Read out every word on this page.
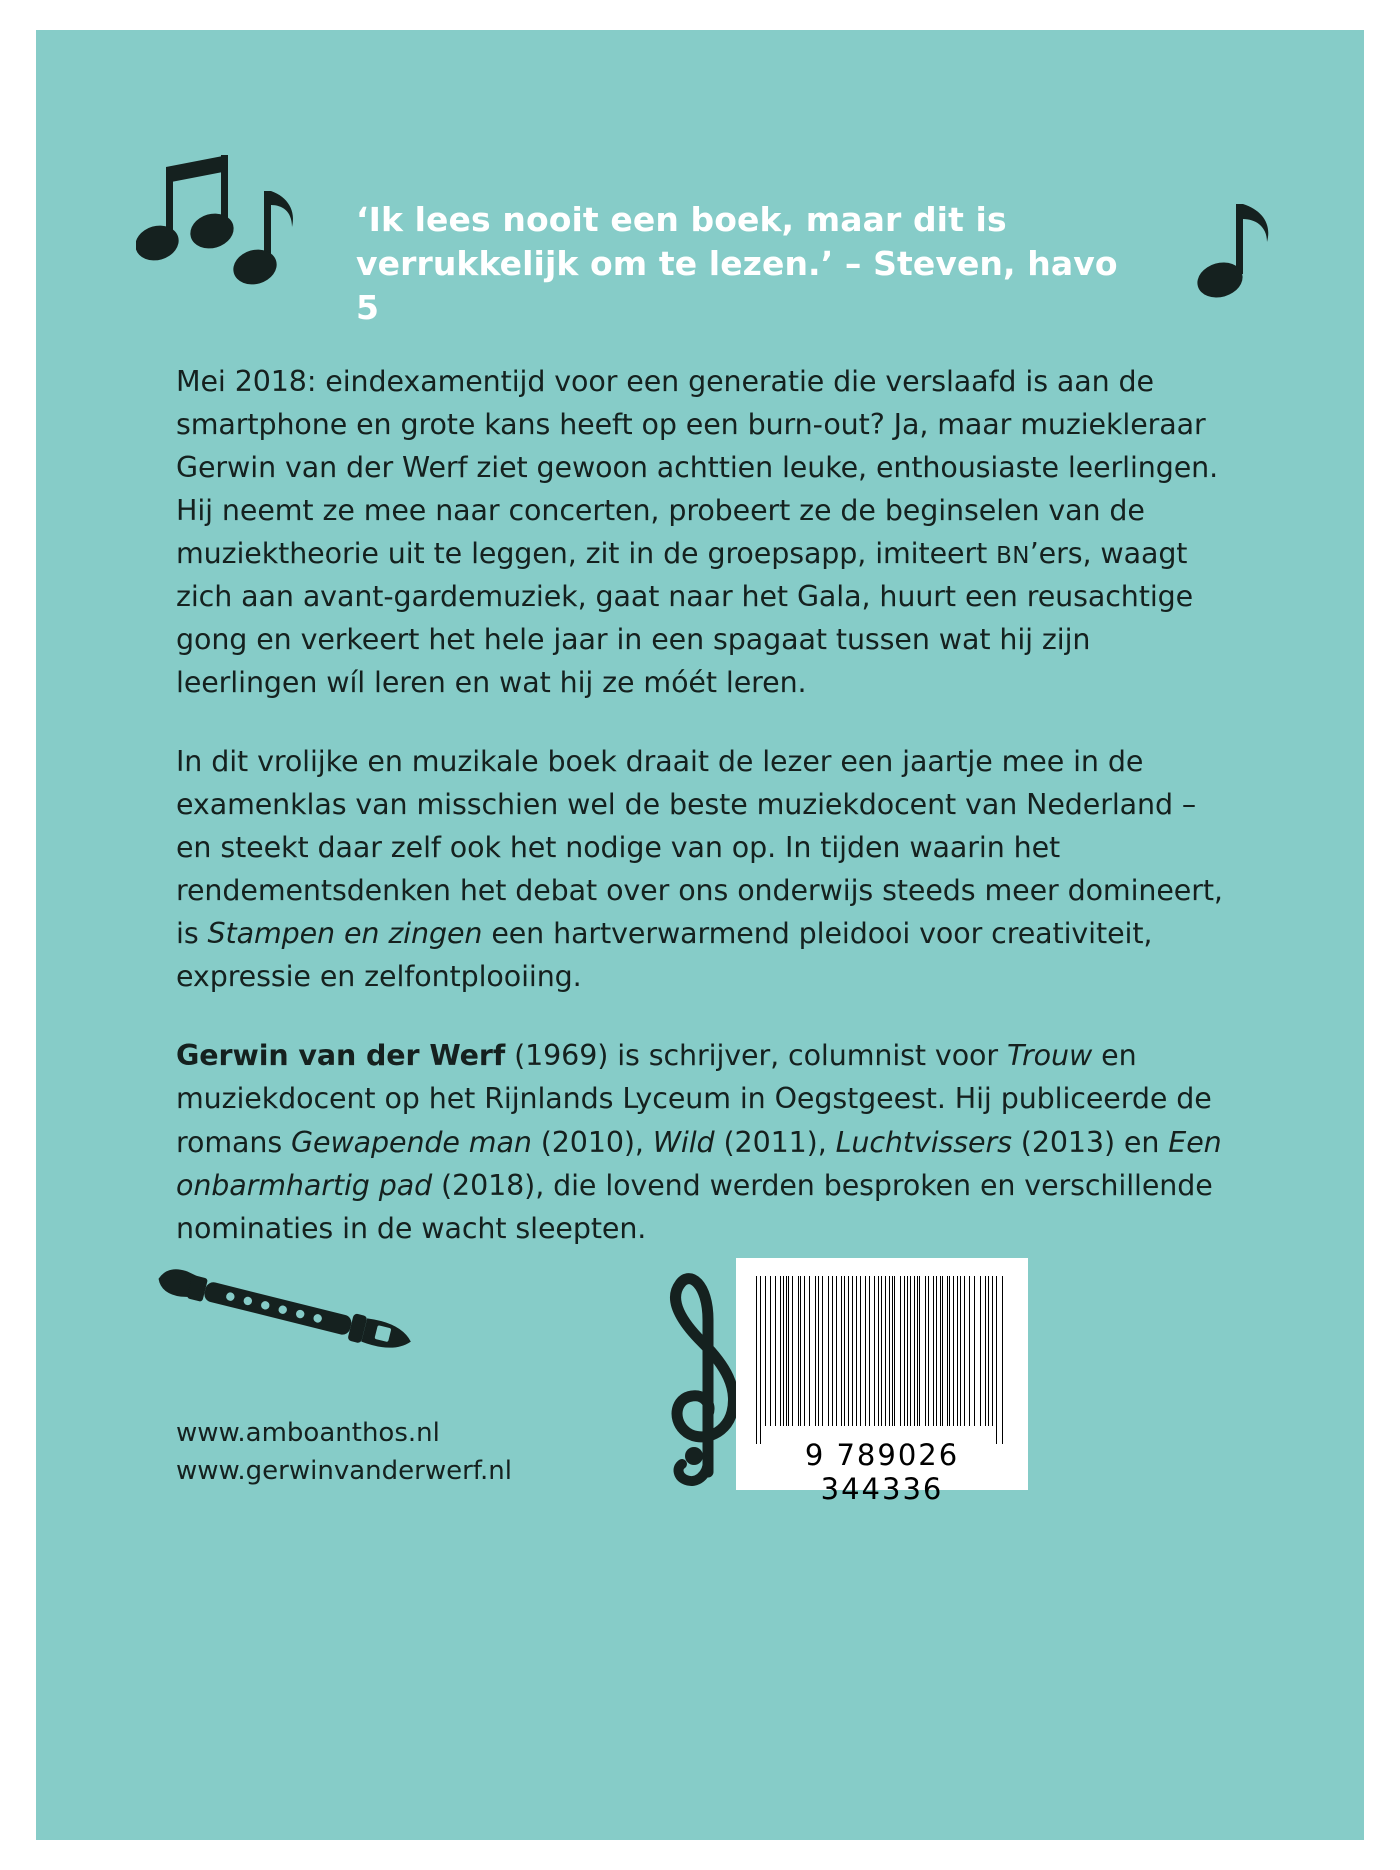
‘Ik lees nooit een boek, maar dit is
verrukkelijk om te lezen.’ – Steven, havo 5

Mei 2018: eindexamentijd voor een generatie die verslaafd is aan de smartphone en grote kans heeft op een burn-out? Ja, maar muziekleraar Gerwin van der Werf ziet gewoon achttien leuke, enthousiaste leerlingen. Hij neemt ze mee naar concerten, probeert ze de beginselen van de muziektheorie uit te leggen, zit in de groepsapp, imiteert BN’ers, waagt zich aan avant-gardemuziek, gaat naar het Gala, huurt een reusachtige gong en verkeert het hele jaar in een spagaat tussen wat hij zijn leerlingen wíl leren en wat hij ze móét leren.

In dit vrolijke en muzikale boek draait de lezer een jaartje mee in de examenklas van misschien wel de beste muziekdocent van Nederland – en steekt daar zelf ook het nodige van op. In tijden waarin het rendementsdenken het debat over ons onderwijs steeds meer domineert, is Stampen en zingen een hartverwarmend pleidooi voor creativiteit, expressie en zelfontplooiing.

Gerwin van der Werf (1969) is schrijver, columnist voor Trouw en muziekdocent op het Rijnlands Lyceum in Oegstgeest. Hij publiceerde de romans Gewapende man (2010), Wild (2011), Luchtvissers (2013) en Een onbarmhartig pad (2018), die lovend werden besproken en verschillende nominaties in de wacht sleepten.

www.amboanthos.nl
www.gerwinvanderwerf.nl	9 789026 344336
